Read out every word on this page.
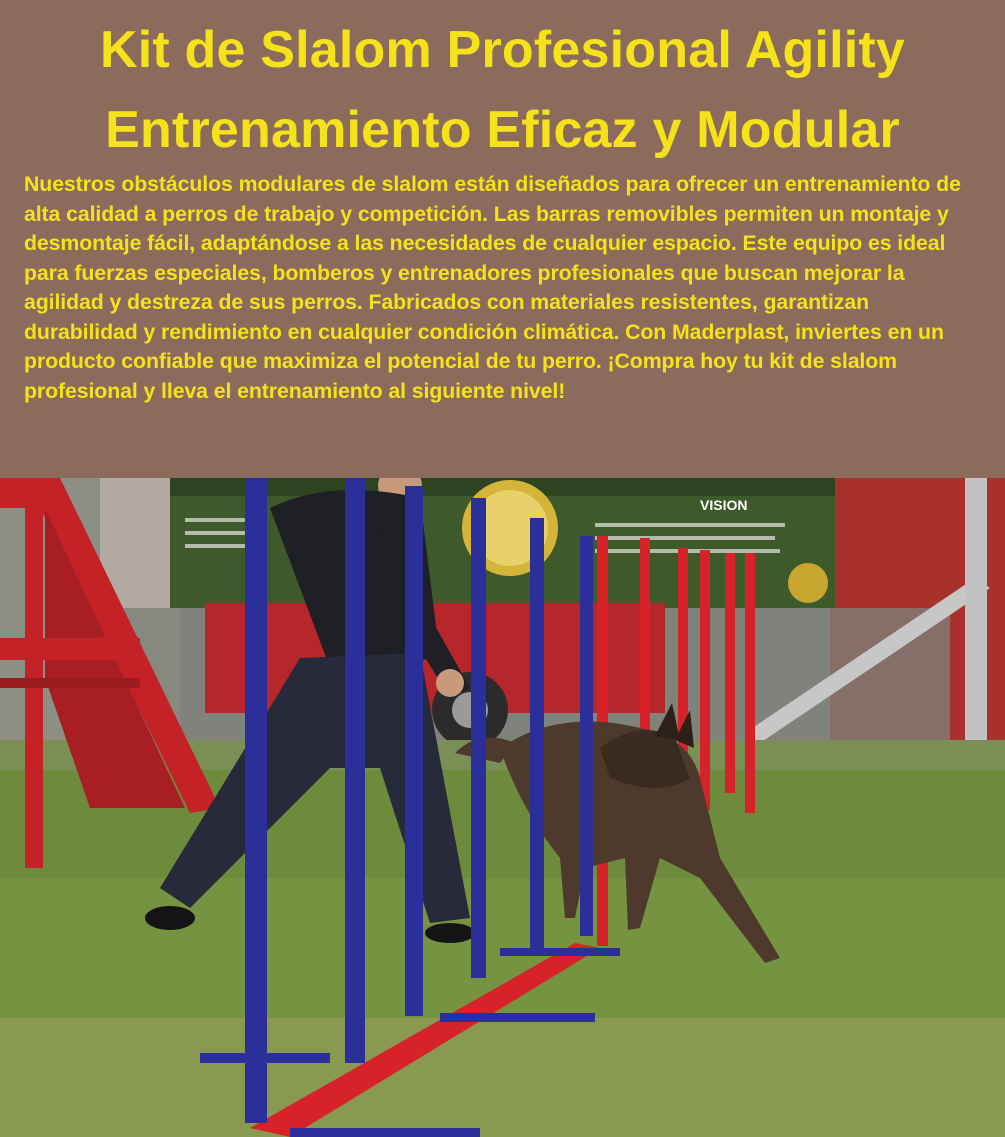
Kit de Slalom Profesional Agility
Entrenamiento Eficaz y Modular
Nuestros obstáculos modulares de slalom están diseñados para ofrecer un entrenamiento de alta calidad a perros de trabajo y competición. Las barras removibles permiten un montaje y desmontaje fácil, adaptándose a las necesidades de cualquier espacio. Este equipo es ideal para fuerzas especiales, bomberos y entrenadores profesionales que buscan mejorar la agilidad y destreza de sus perros. Fabricados con materiales resistentes, garantizan durabilidad y rendimiento en cualquier condición climática. Con Maderplast, inviertes en un producto confiable que maximiza el potencial de tu perro. ¡Compra hoy tu kit de slalom profesional y lleva el entrenamiento al siguiente nivel!
VISION
